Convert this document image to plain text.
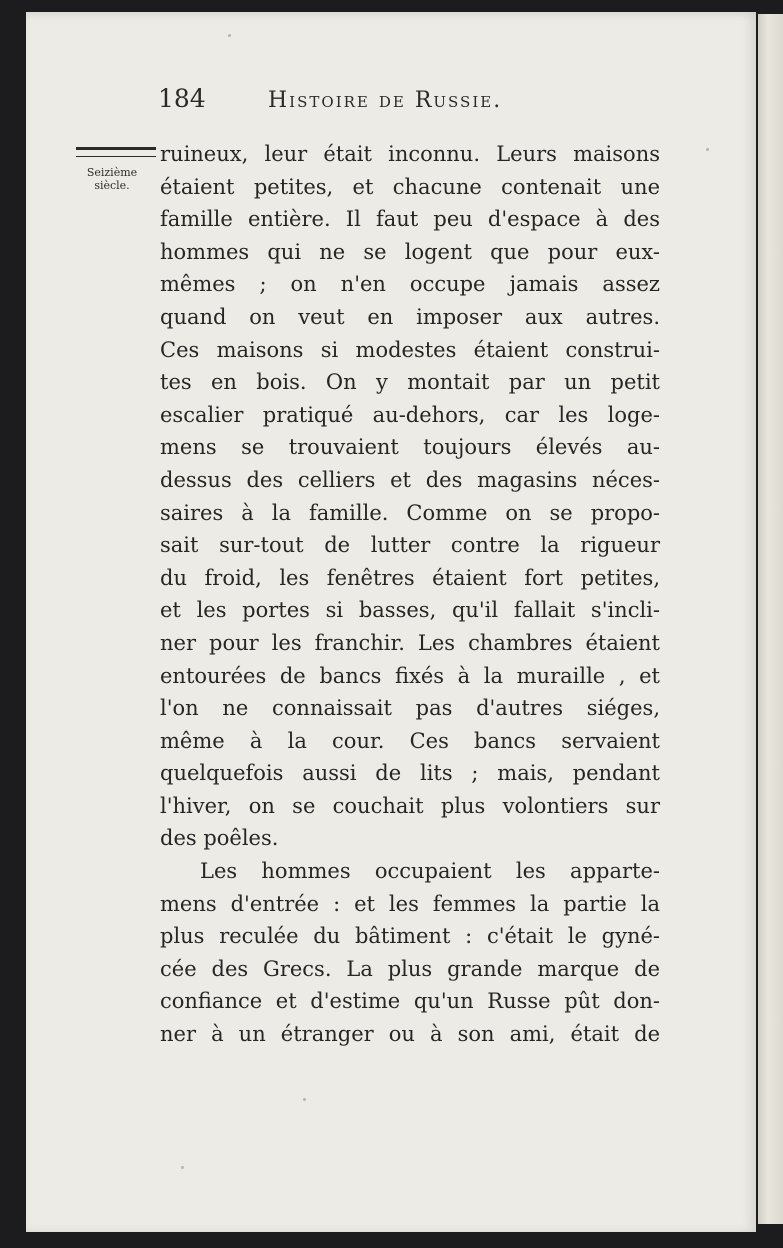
184	Histoire de Russie.
Seizième
siècle.
ruineux, leur était inconnu. Leurs maisons
étaient petites, et chacune contenait une
famille entière. Il faut peu d'espace à des
hommes qui ne se logent que pour eux-
mêmes ; on n'en occupe jamais assez
quand on veut en imposer aux autres.
Ces maisons si modestes étaient construi-
tes en bois. On y montait par un petit
escalier pratiqué au-dehors, car les loge-
mens se trouvaient toujours élevés au-
dessus des celliers et des magasins néces-
saires à la famille. Comme on se propo-
sait sur-tout de lutter contre la rigueur
du froid, les fenêtres étaient fort petites,
et les portes si basses, qu'il fallait s'incli-
ner pour les franchir. Les chambres étaient
entourées de bancs fixés à la muraille , et
l'on ne connaissait pas d'autres siéges,
même à la cour. Ces bancs servaient
quelquefois aussi de lits ; mais, pendant
l'hiver, on se couchait plus volontiers sur
des poêles.
Les hommes occupaient les apparte-
mens d'entrée : et les femmes la partie la
plus reculée du bâtiment : c'était le gyné-
cée des Grecs. La plus grande marque de
confiance et d'estime qu'un Russe pût don-
ner à un étranger ou à son ami, était de
